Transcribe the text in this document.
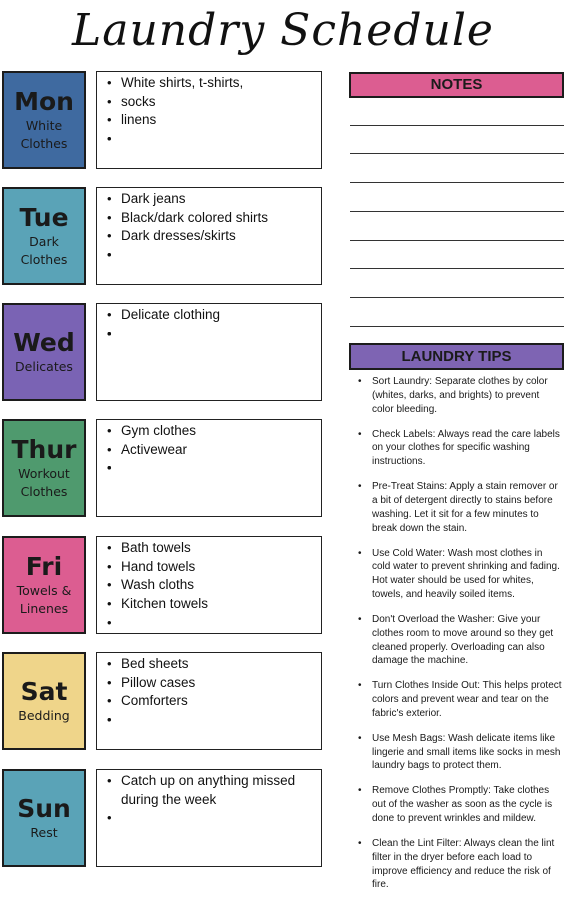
Laundry Schedule
Mon
White Clothes
• White shirts, t-shirts,
• socks
• linens
Tue
Dark Clothes
• Dark jeans
• Black/dark colored shirts
• Dark dresses/skirts
Wed
Delicates
• Delicate clothing
Thur
Workout Clothes
• Gym clothes
• Activewear
Fri
Towels & Linenes
• Bath towels
• Hand towels
• Wash cloths
• Kitchen towels
Sat
Bedding
• Bed sheets
• Pillow cases
• Comforters
Sun
Rest
• Catch up on anything missed during the week
NOTES
LAUNDRY TIPS
• Sort Laundry: Separate clothes by color (whites, darks, and brights) to prevent color bleeding.
• Check Labels: Always read the care labels on your clothes for specific washing instructions.
• Pre-Treat Stains: Apply a stain remover or a bit of detergent directly to stains before washing. Let it sit for a few minutes to break down the stain.
• Use Cold Water: Wash most clothes in cold water to prevent shrinking and fading. Hot water should be used for whites, towels, and heavily soiled items.
• Don't Overload the Washer: Give your clothes room to move around so they get cleaned properly. Overloading can also damage the machine.
• Turn Clothes Inside Out: This helps protect colors and prevent wear and tear on the fabric's exterior.
• Use Mesh Bags: Wash delicate items like lingerie and small items like socks in mesh laundry bags to protect them.
• Remove Clothes Promptly: Take clothes out of the washer as soon as the cycle is done to prevent wrinkles and mildew.
• Clean the Lint Filter: Always clean the lint filter in the dryer before each load to improve efficiency and reduce the risk of fire.
